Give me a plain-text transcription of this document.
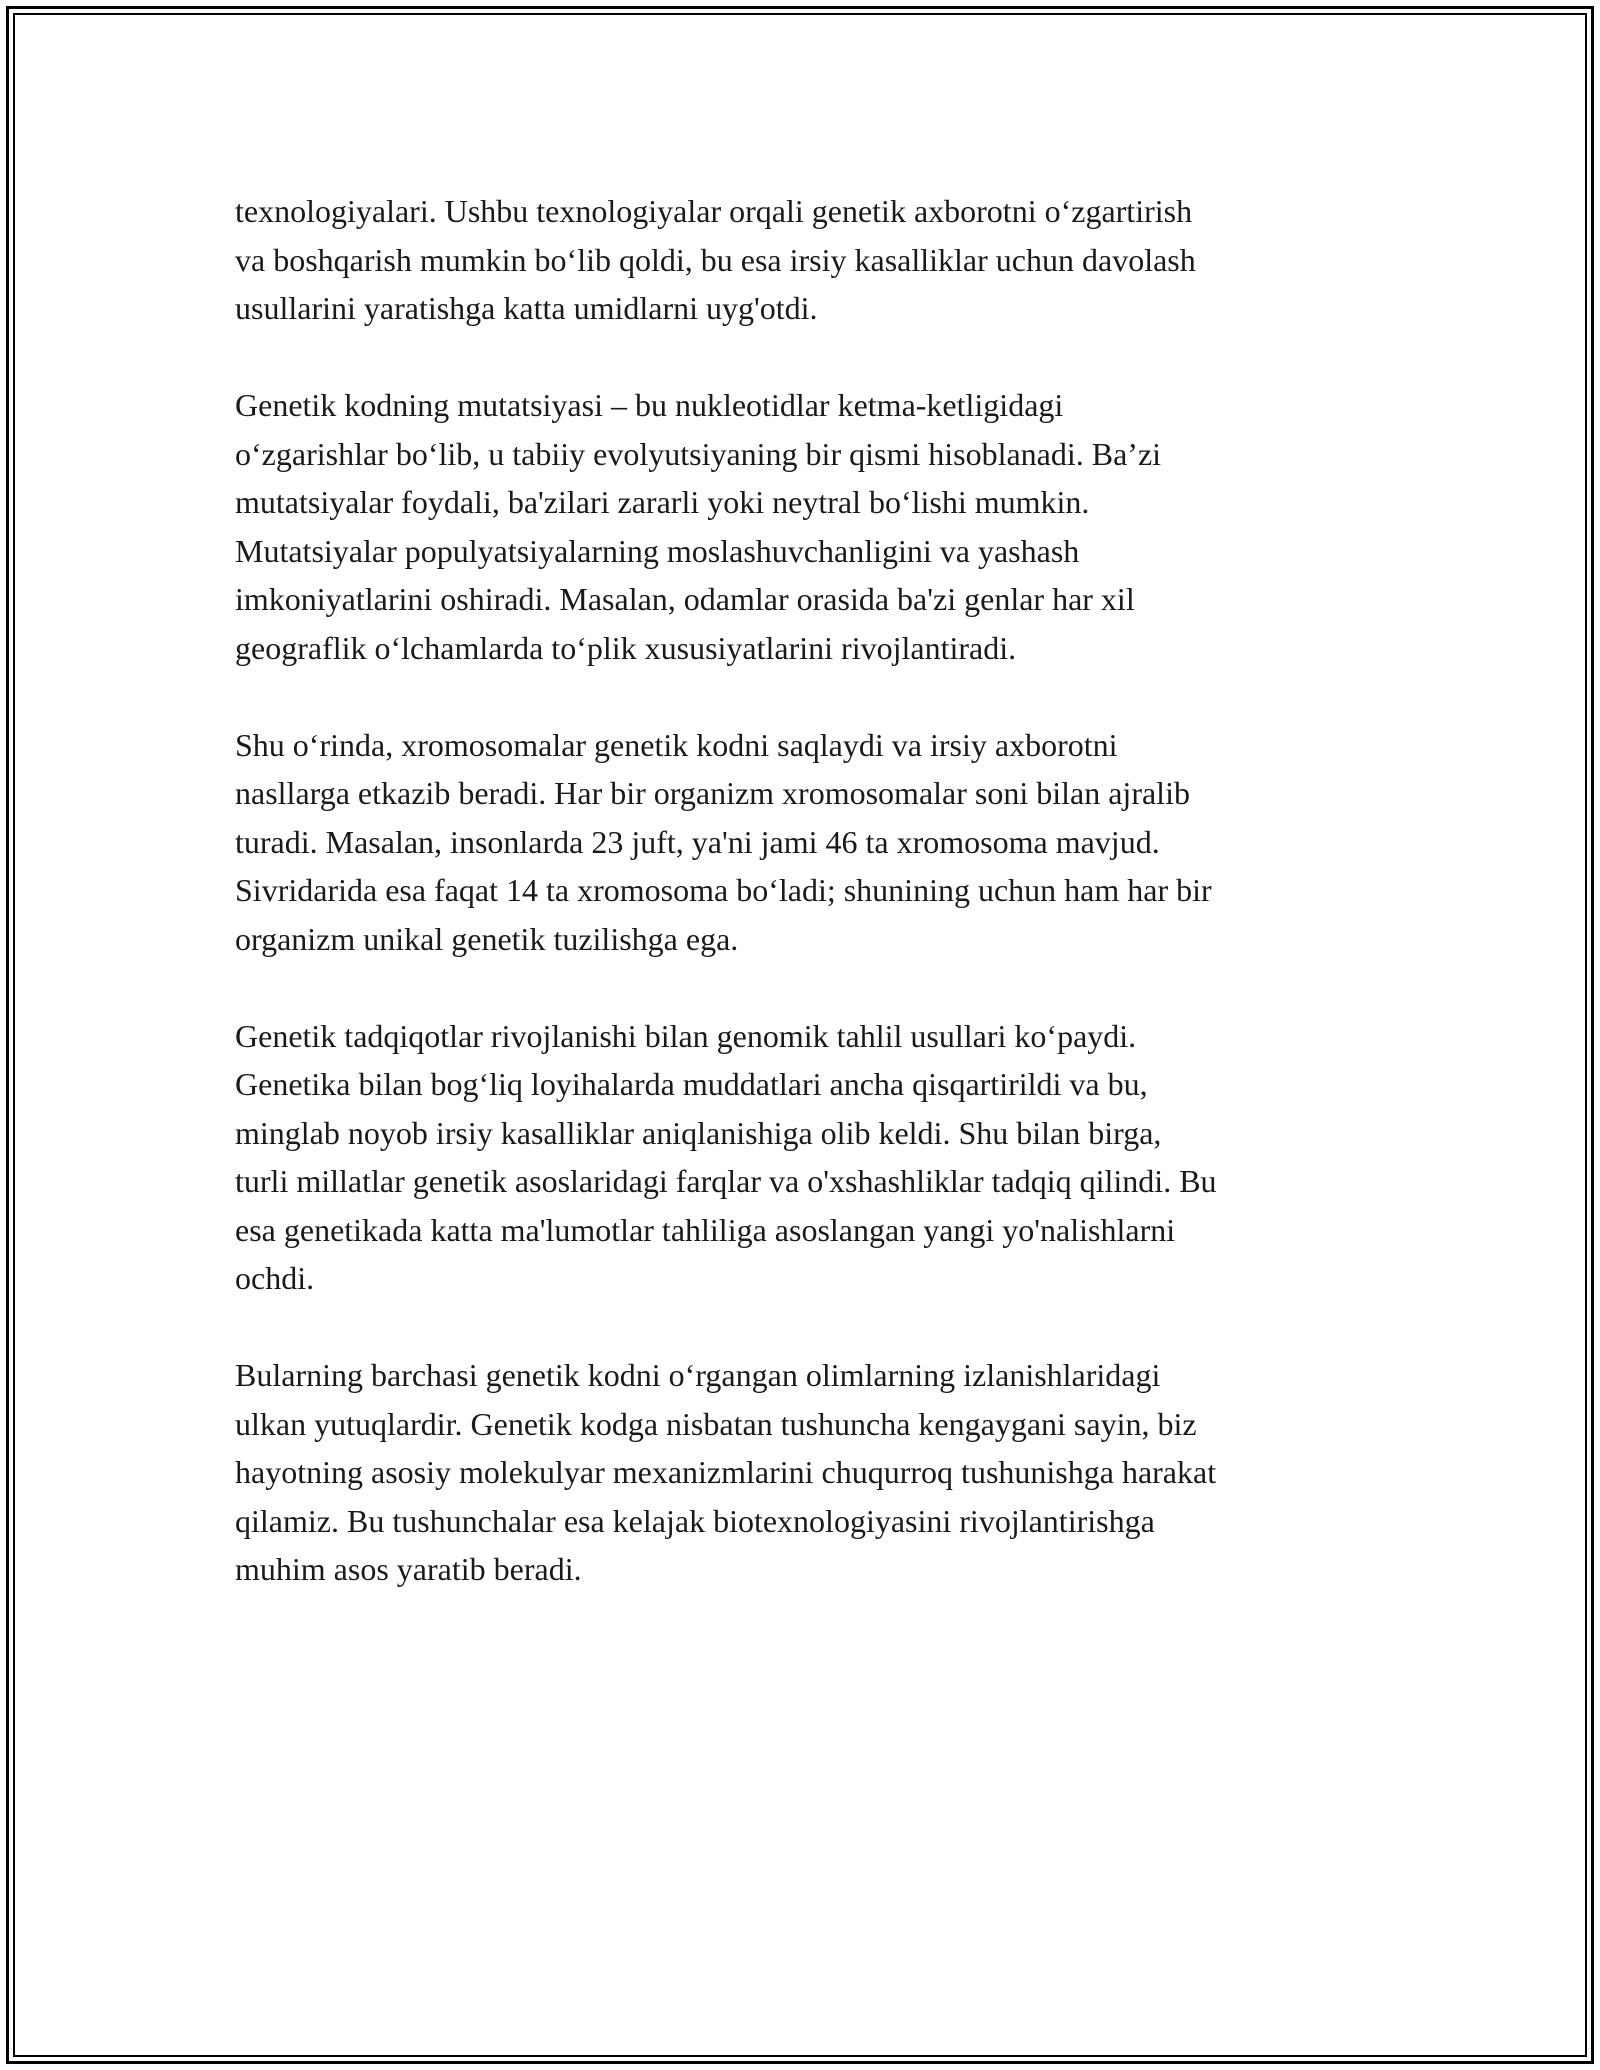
texnologiyalari. Ushbu texnologiyalar orqali genetik axborotni o‘zgartirish
va boshqarish mumkin bo‘lib qoldi, bu esa irsiy kasalliklar uchun davolash
usullarini yaratishga katta umidlarni uyg'otdi.

Genetik kodning mutatsiyasi – bu nukleotidlar ketma-ketligidagi
o‘zgarishlar bo‘lib, u tabiiy evolyutsiyaning bir qismi hisoblanadi. Ba’zi
mutatsiyalar foydali, ba'zilari zararli yoki neytral bo‘lishi mumkin.
Mutatsiyalar populyatsiyalarning moslashuvchanligini va yashash
imkoniyatlarini oshiradi. Masalan, odamlar orasida ba'zi genlar har xil
geograflik o‘lchamlarda to‘plik xususiyatlarini rivojlantiradi.

Shu o‘rinda, xromosomalar genetik kodni saqlaydi va irsiy axborotni
nasllarga etkazib beradi. Har bir organizm xromosomalar soni bilan ajralib
turadi. Masalan, insonlarda 23 juft, ya'ni jami 46 ta xromosoma mavjud.
Sivridarida esa faqat 14 ta xromosoma bo‘ladi; shunining uchun ham har bir
organizm unikal genetik tuzilishga ega.

Genetik tadqiqotlar rivojlanishi bilan genomik tahlil usullari ko‘paydi.
Genetika bilan bog‘liq loyihalarda muddatlari ancha qisqartirildi va bu,
minglab noyob irsiy kasalliklar aniqlanishiga olib keldi. Shu bilan birga,
turli millatlar genetik asoslaridagi farqlar va o'xshashliklar tadqiq qilindi. Bu
esa genetikada katta ma'lumotlar tahliliga asoslangan yangi yo'nalishlarni
ochdi.

Bularning barchasi genetik kodni o‘rgangan olimlarning izlanishlaridagi
ulkan yutuqlardir. Genetik kodga nisbatan tushuncha kengaygani sayin, biz
hayotning asosiy molekulyar mexanizmlarini chuqurroq tushunishga harakat
qilamiz. Bu tushunchalar esa kelajak biotexnologiyasini rivojlantirishga
muhim asos yaratib beradi.
